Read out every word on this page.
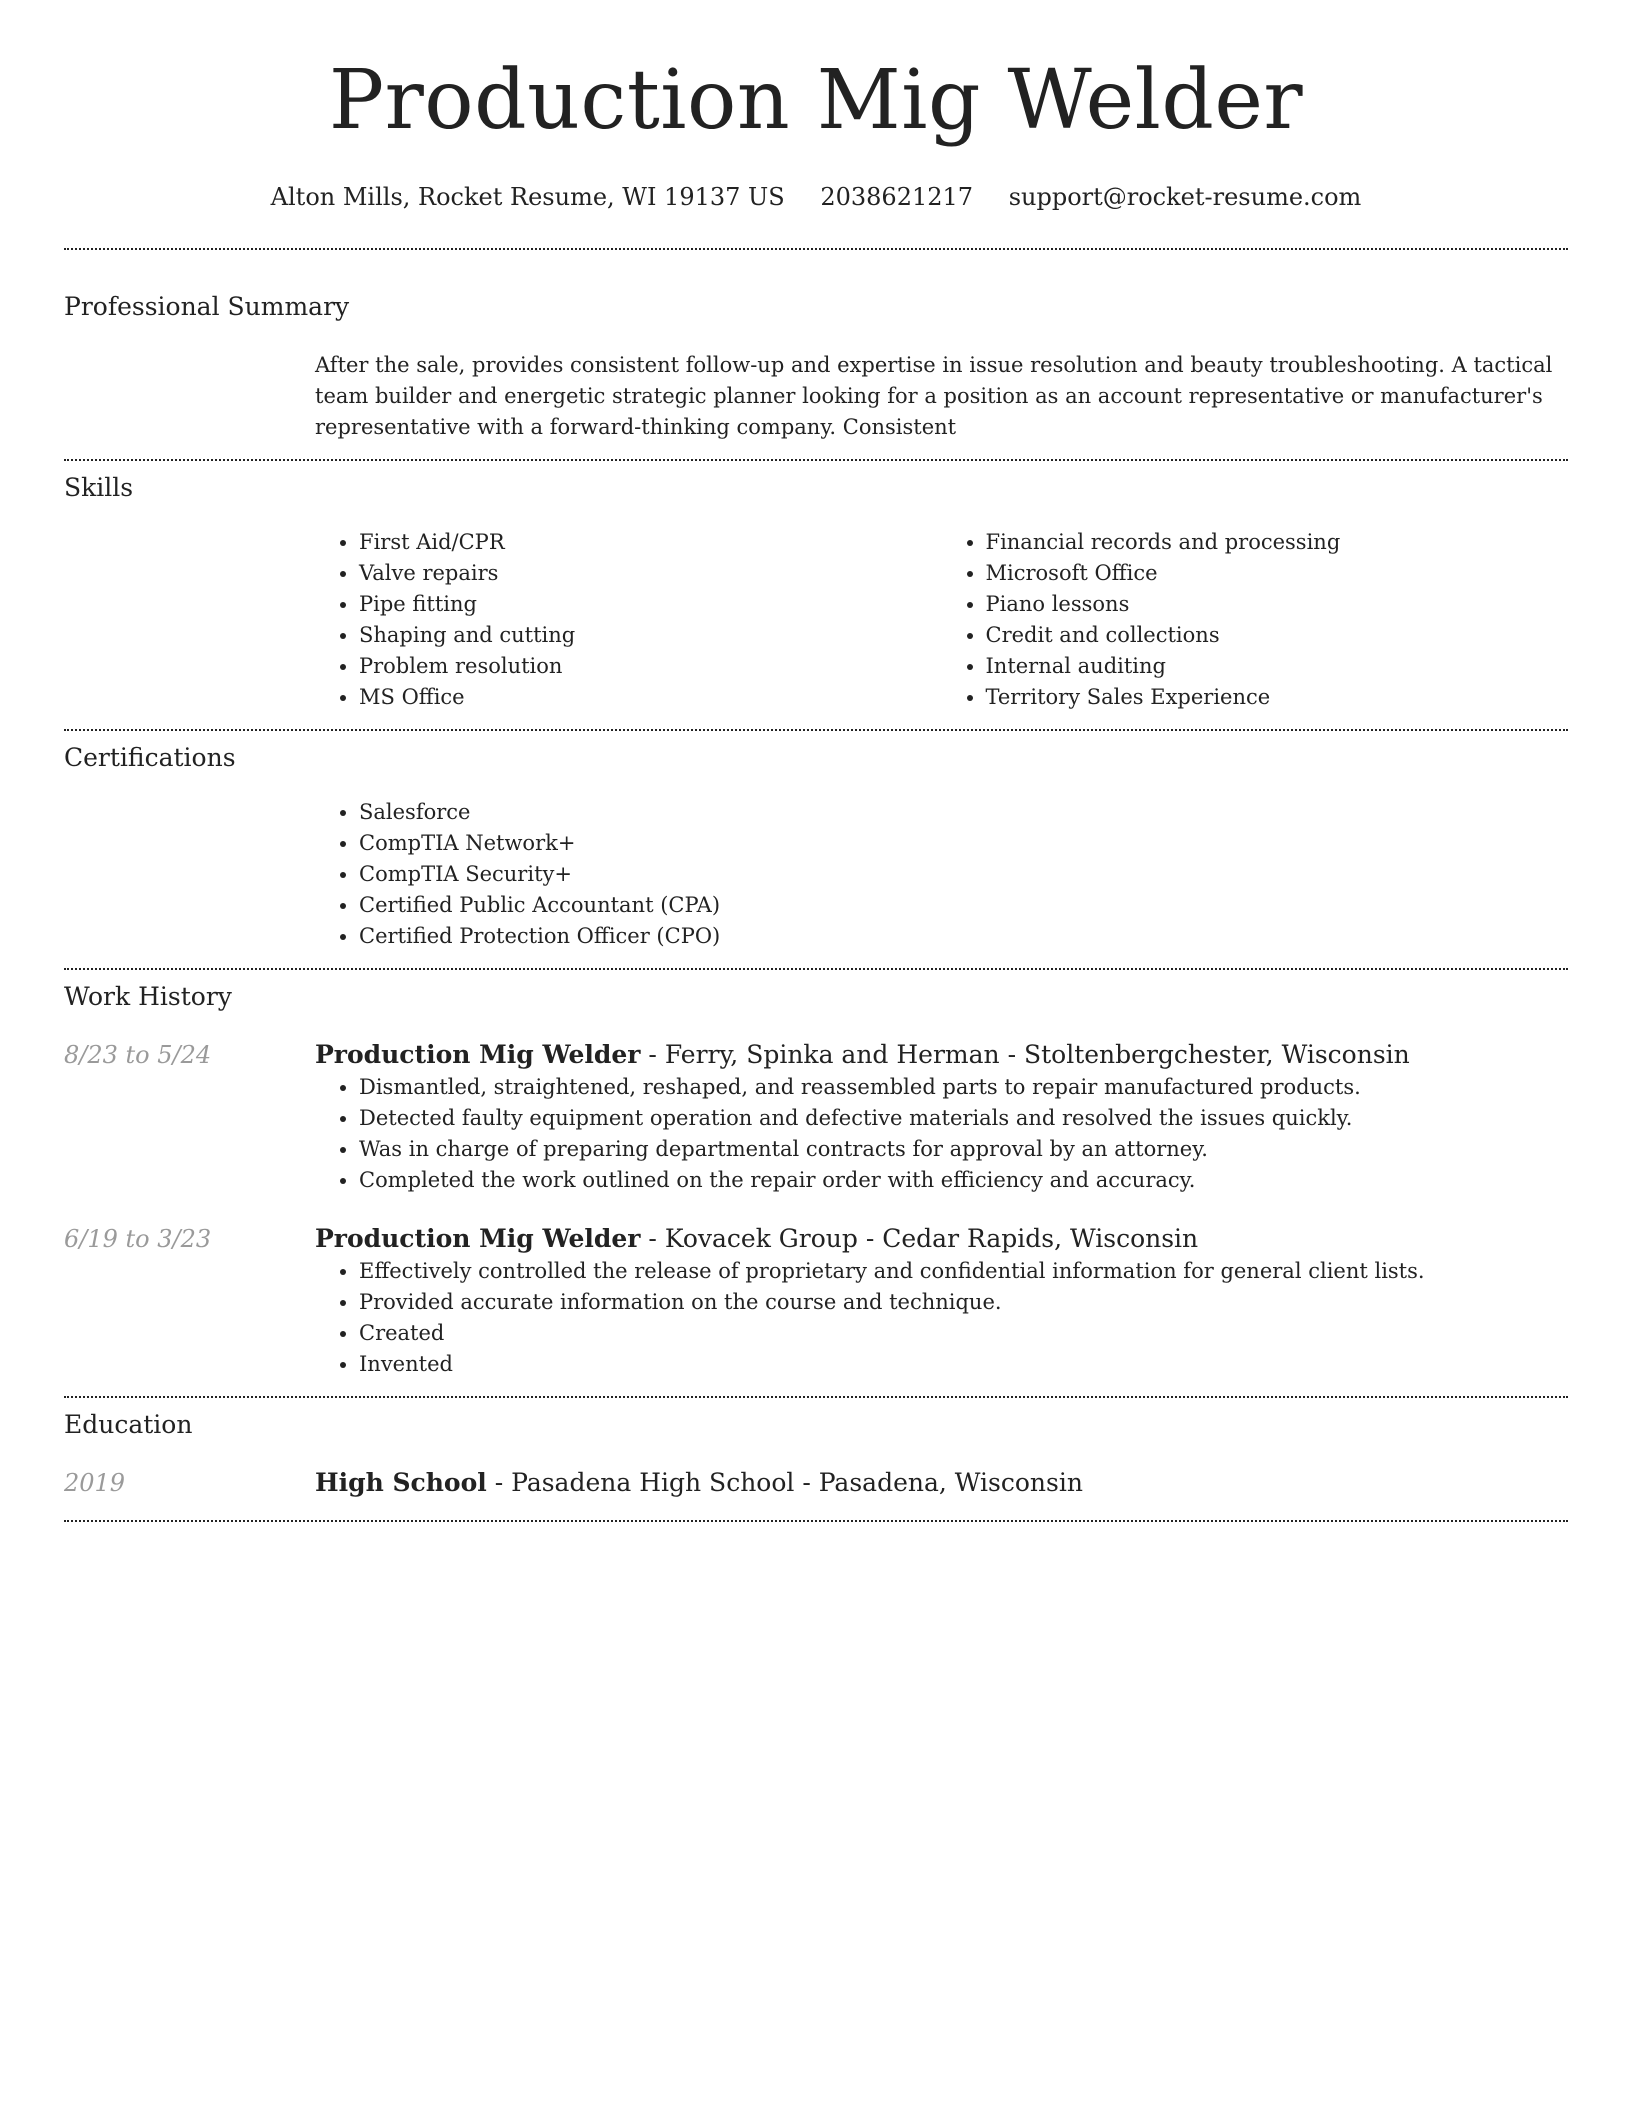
Production Mig Welder
Alton Mills, Rocket Resume, WI 19137 US 2038621217 support@rocket-resume.com
Professional Summary

After the sale, provides consistent follow-up and expertise in issue resolution and beauty troubleshooting. A tactical team builder and energetic strategic planner looking for a position as an account representative or manufacturer's representative with a forward-thinking company. Consistent

Skills
• First Aid/CPR
• Valve repairs
• Pipe fitting
• Shaping and cutting
• Problem resolution
• MS Office
• Financial records and processing
• Microsoft Office
• Piano lessons
• Credit and collections
• Internal auditing
• Territory Sales Experience
Certifications
• Salesforce
• CompTIA Network+
• CompTIA Security+
• Certified Public Accountant (CPA)
• Certified Protection Officer (CPO)
Work History
8/23 to 5/24	Production Mig Welder - Ferry, Spinka and Herman - Stoltenbergchester, Wisconsin
• Dismantled, straightened, reshaped, and reassembled parts to repair manufactured products.
• Detected faulty equipment operation and defective materials and resolved the issues quickly.
• Was in charge of preparing departmental contracts for approval by an attorney.
• Completed the work outlined on the repair order with efficiency and accuracy.
6/19 to 3/23	Production Mig Welder - Kovacek Group - Cedar Rapids, Wisconsin
• Effectively controlled the release of proprietary and confidential information for general client lists.
• Provided accurate information on the course and technique.
• Created
• Invented
Education
2019	High School - Pasadena High School - Pasadena, Wisconsin
